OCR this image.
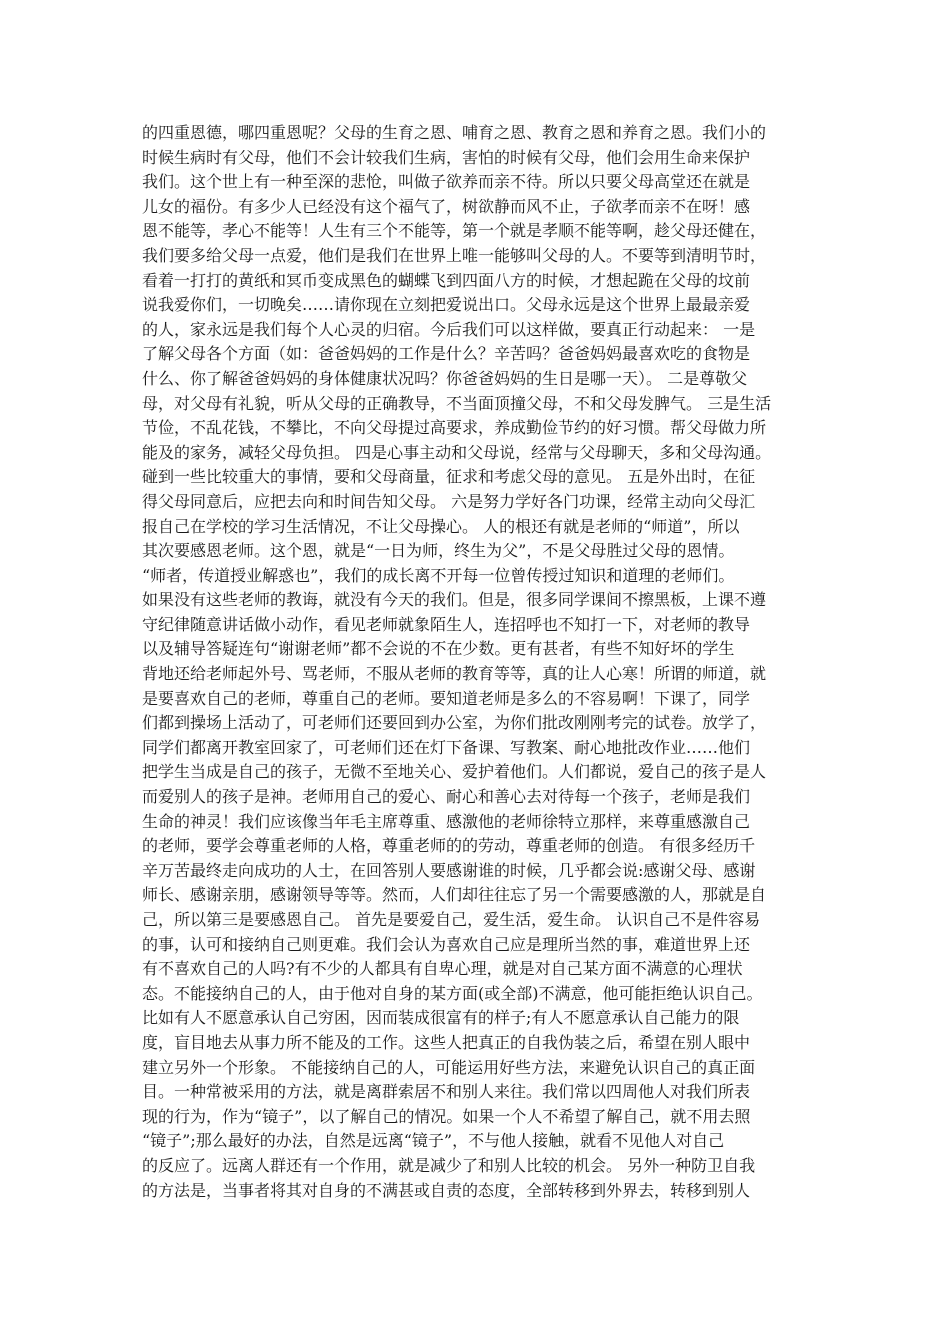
的四重恩德，哪四重恩呢？父母的生育之恩、哺育之恩、教育之恩和养育之恩。我们小的
时候生病时有父母，他们不会计较我们生病，害怕的时候有父母，他们会用生命来保护
我们。这个世上有一种至深的悲怆，叫做子欲养而亲不待。所以只要父母高堂还在就是
儿女的福份。有多少人已经没有这个福气了，树欲静而风不止，子欲孝而亲不在呀！感
恩不能等，孝心不能等！人生有三个不能等，第一个就是孝顺不能等啊，趁父母还健在，
我们要多给父母一点爱，他们是我们在世界上唯一能够叫父母的人。不要等到清明节时，
看着一打打的黄纸和冥币变成黑色的蝴蝶飞到四面八方的时候，才想起跪在父母的坟前
说我爱你们，一切晚矣……请你现在立刻把爱说出口。父母永远是这个世界上最最亲爱
的人，家永远是我们每个人心灵的归宿。今后我们可以这样做，要真正行动起来： 一是
了解父母各个方面（如：爸爸妈妈的工作是什么？辛苦吗？爸爸妈妈最喜欢吃的食物是
什么、你了解爸爸妈妈的身体健康状况吗？你爸爸妈妈的生日是哪一天）。 二是尊敬父
母，对父母有礼貌，听从父母的正确教导，不当面顶撞父母，不和父母发脾气。 三是生活
节俭，不乱花钱，不攀比，不向父母提过高要求，养成勤俭节约的好习惯。帮父母做力所
能及的家务，减轻父母负担。 四是心事主动和父母说，经常与父母聊天，多和父母沟通。
碰到一些比较重大的事情，要和父母商量，征求和考虑父母的意见。 五是外出时，在征
得父母同意后，应把去向和时间告知父母。 六是努力学好各门功课，经常主动向父母汇
报自己在学校的学习生活情况，不让父母操心。 人的根还有就是老师的“师道”，所以
其次要感恩老师。这个恩，就是“一日为师，终生为父”，不是父母胜过父母的恩情。
“师者，传道授业解惑也”，我们的成长离不开每一位曾传授过知识和道理的老师们。
如果没有这些老师的教诲，就没有今天的我们。但是，很多同学课间不擦黑板，上课不遵
守纪律随意讲话做小动作，看见老师就象陌生人，连招呼也不知打一下，对老师的教导
以及辅导答疑连句“谢谢老师”都不会说的不在少数。更有甚者，有些不知好坏的学生
背地还给老师起外号、骂老师，不服从老师的教育等等，真的让人心寒！所谓的师道，就
是要喜欢自己的老师，尊重自己的老师。要知道老师是多么的不容易啊！下课了，同学
们都到操场上活动了，可老师们还要回到办公室，为你们批改刚刚考完的试卷。放学了，
同学们都离开教室回家了，可老师们还在灯下备课、写教案、耐心地批改作业……他们
把学生当成是自己的孩子，无微不至地关心、爱护着他们。人们都说，爱自己的孩子是人
而爱别人的孩子是神。老师用自己的爱心、耐心和善心去对待每一个孩子，老师是我们
生命的神灵！我们应该像当年毛主席尊重、感激他的老师徐特立那样，来尊重感激自己
的老师，要学会尊重老师的人格，尊重老师的的劳动，尊重老师的创造。 有很多经历千
辛万苦最终走向成功的人士，在回答别人要感谢谁的时候，几乎都会说:感谢父母、感谢
师长、感谢亲朋，感谢领导等等。然而，人们却往往忘了另一个需要感激的人，那就是自
己，所以第三是要感恩自己。 首先是要爱自己，爱生活，爱生命。 认识自己不是件容易
的事，认可和接纳自己则更难。我们会认为喜欢自己应是理所当然的事，难道世界上还
有不喜欢自己的人吗?有不少的人都具有自卑心理，就是对自己某方面不满意的心理状
态。不能接纳自己的人，由于他对自身的某方面(或全部)不满意，他可能拒绝认识自己。
比如有人不愿意承认自己穷困，因而装成很富有的样子;有人不愿意承认自己能力的限
度，盲目地去从事力所不能及的工作。这些人把真正的自我伪装之后，希望在别人眼中
建立另外一个形象。 不能接纳自己的人，可能运用好些方法，来避免认识自己的真正面
目。一种常被采用的方法，就是离群索居不和别人来往。我们常以四周他人对我们所表
现的行为，作为“镜子”，以了解自己的情况。如果一个人不希望了解自己，就不用去照
“镜子”;那么最好的办法，自然是远离“镜子”，不与他人接触，就看不见他人对自己
的反应了。远离人群还有一个作用，就是减少了和别人比较的机会。 另外一种防卫自我
的方法是，当事者将其对自身的不满甚或自责的态度，全部转移到外界去，转移到别人
